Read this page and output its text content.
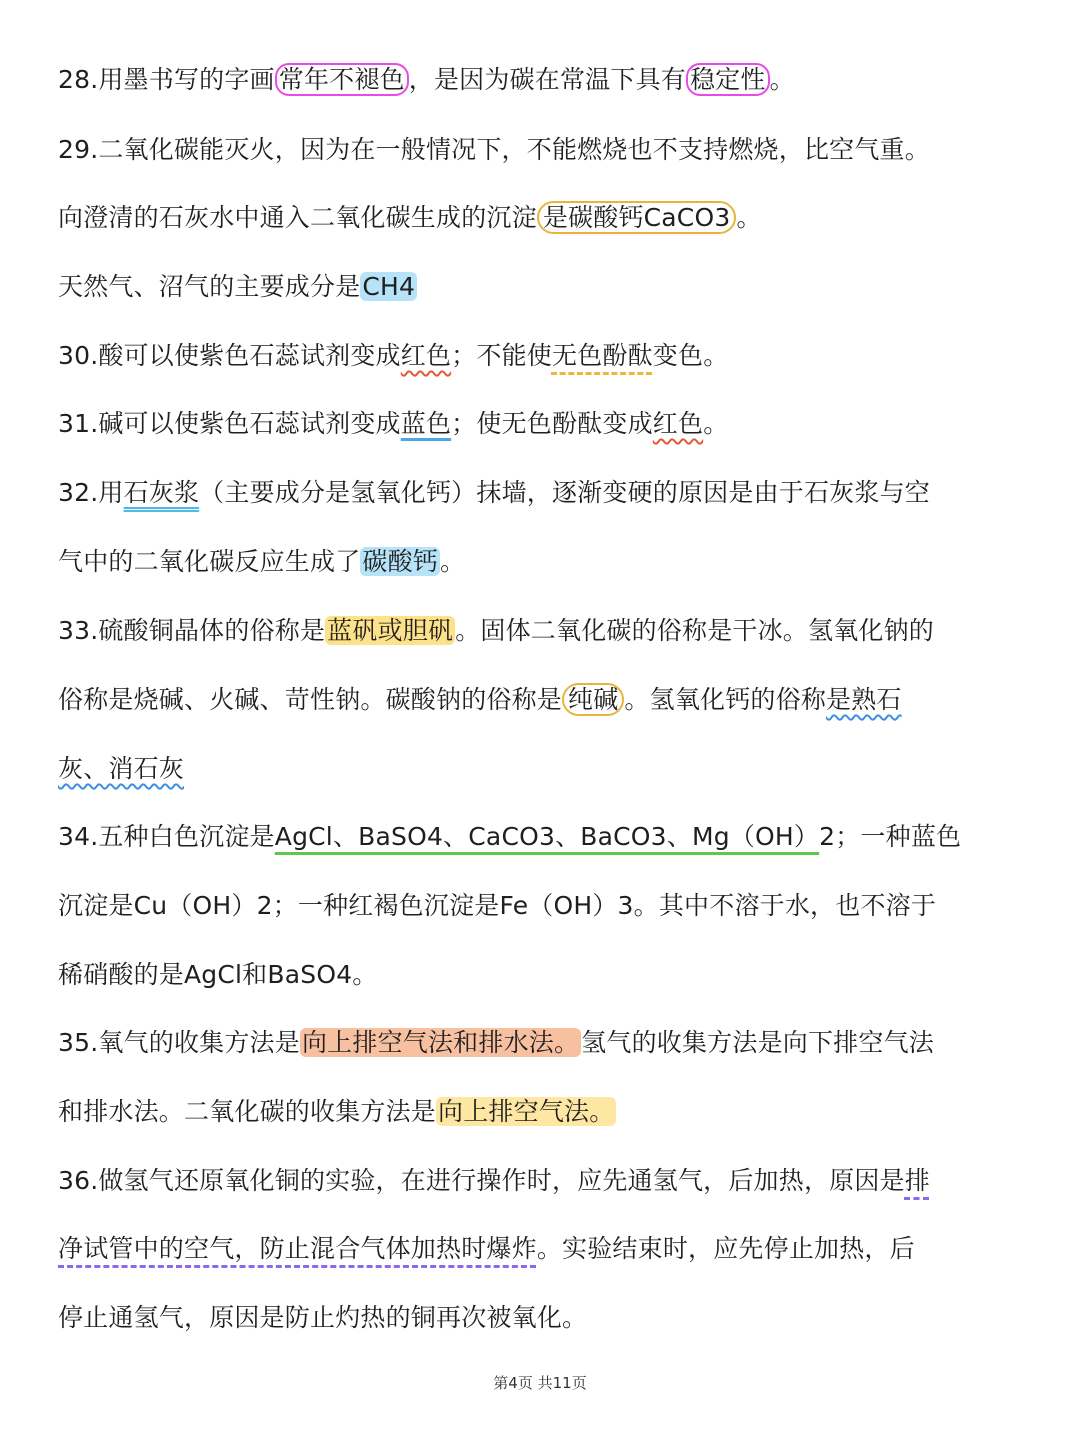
28.用墨书写的字画 常年不褪色 ，是因为碳在常温下具有 稳定性 。
29.二氧化碳能灭火，因为在一般情况下，不能燃烧也不支持燃烧，比空气重。
向澄清的石灰水中通入二氧化碳生成的沉淀 是碳酸钙CaCO3 。
天然气、沼气的主要成分是CH4
30.酸可以使紫色石蕊试剂变成红色；不能使无色酚酞变色。
31.碱可以使紫色石蕊试剂变成蓝色；使无色酚酞变成红色。
32.用石灰浆（主要成分是氢氧化钙）抹墙，逐渐变硬的原因是由于石灰浆与空
气中的二氧化碳反应生成了碳酸钙。
33.硫酸铜晶体的俗称是蓝矾或胆矾。固体二氧化碳的俗称是干冰。氢氧化钠的
俗称是烧碱、火碱、苛性钠。碳酸钠的俗称是 纯碱 。氢氧化钙的俗称是熟石
灰、消石灰
34.五种白色沉淀是AgCl、BaSO4、CaCO3、BaCO3、Mg（OH）2；一种蓝色
沉淀是Cu（OH）2；一种红褐色沉淀是Fe（OH）3。其中不溶于水，也不溶于
稀硝酸的是AgCl和BaSO4。
35.氧气的收集方法是向上排空气法和排水法。氢气的收集方法是向下排空气法
和排水法。二氧化碳的收集方法是向上排空气法。
36.做氢气还原氧化铜的实验，在进行操作时，应先通氢气，后加热，原因是排
净试管中的空气，防止混合气体加热时爆炸。实验结束时，应先停止加热，后
停止通氢气，原因是防止灼热的铜再次被氧化。
第4页 共11页
